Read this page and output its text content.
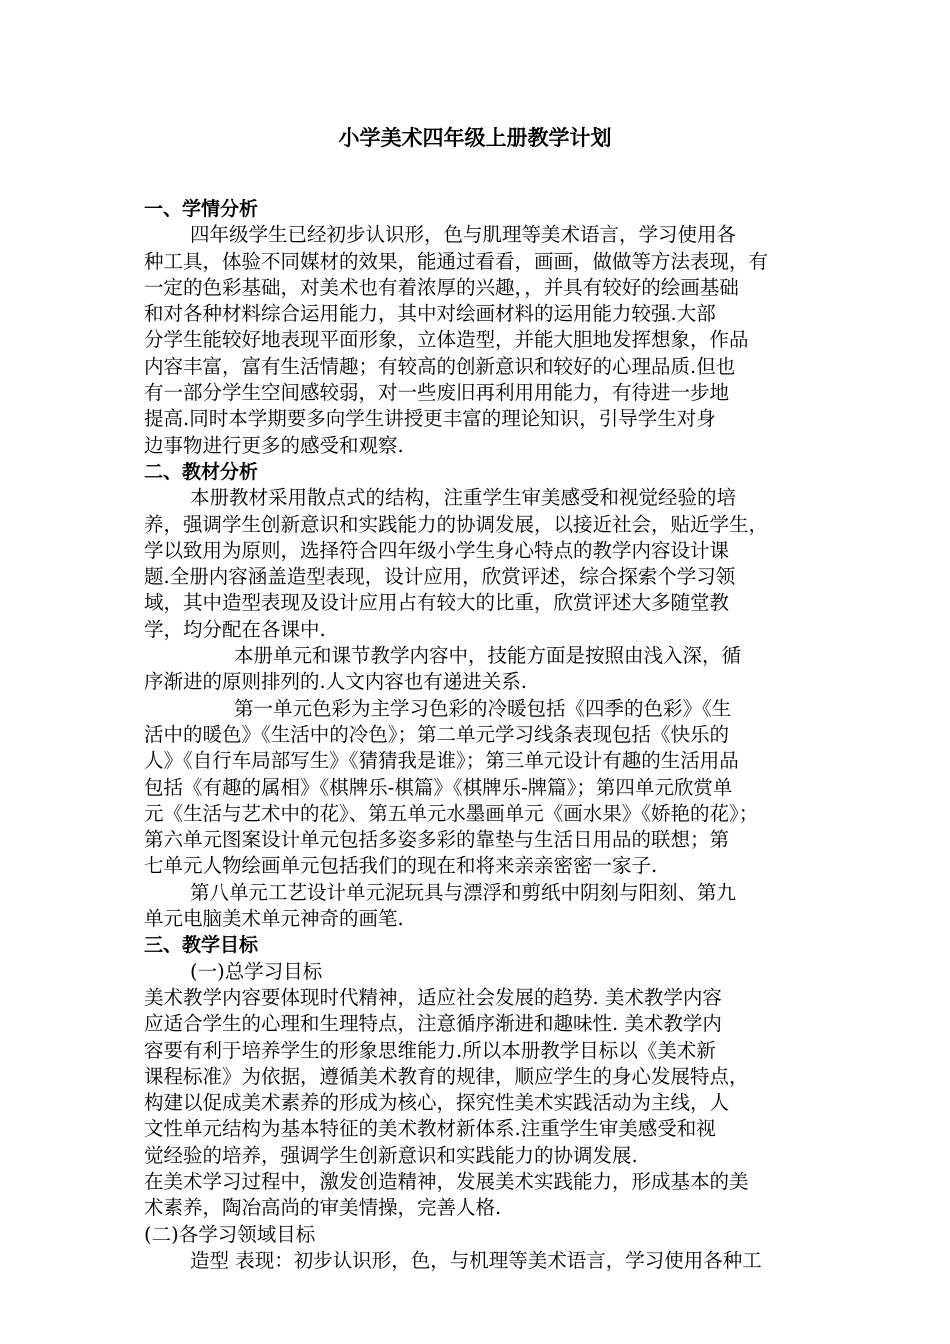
小学美术四年级上册教学计划
一、学情分析
四年级学生已经初步认识形，色与肌理等美术语言，学习使用各
种工具，体验不同媒材的效果，能通过看看，画画，做做等方法表现，有
一定的色彩基础，对美术也有着浓厚的兴趣，，并具有较好的绘画基础
和对各种材料综合运用能力，其中对绘画材料的运用能力较强.大部
分学生能较好地表现平面形象，立体造型，并能大胆地发挥想象，作品
内容丰富，富有生活情趣；有较高的创新意识和较好的心理品质.但也
有一部分学生空间感较弱，对一些废旧再利用用能力，有待进一步地
提高.同时本学期要多向学生讲授更丰富的理论知识，引导学生对身
边事物进行更多的感受和观察.
二、教材分析
本册教材采用散点式的结构，注重学生审美感受和视觉经验的培
养，强调学生创新意识和实践能力的协调发展，以接近社会，贴近学生，
学以致用为原则，选择符合四年级小学生身心特点的教学内容设计课
题.全册内容涵盖造型表现，设计应用，欣赏评述，综合探索个学习领
域，其中造型表现及设计应用占有较大的比重，欣赏评述大多随堂教
学，均分配在各课中.
本册单元和课节教学内容中，技能方面是按照由浅入深，循
序渐进的原则排列的.人文内容也有递进关系.
第一单元色彩为主学习色彩的冷暖包括《四季的色彩》《生
活中的暖色》《生活中的冷色》；第二单元学习线条表现包括《快乐的
人》《自行车局部写生》《猜猜我是谁》；第三单元设计有趣的生活用品
包括《有趣的属相》《棋牌乐-棋篇》《棋牌乐-牌篇》；第四单元欣赏单
元《生活与艺术中的花》、第五单元水墨画单元《画水果》《娇艳的花》；
第六单元图案设计单元包括多姿多彩的靠垫与生活日用品的联想；第
七单元人物绘画单元包括我们的现在和将来亲亲密密一家子.
第八单元工艺设计单元泥玩具与漂浮和剪纸中阴刻与阳刻、第九
单元电脑美术单元神奇的画笔.
三、教学目标
(一)总学习目标
美术教学内容要体现时代精神，适应社会发展的趋势. 美术教学内容
应适合学生的心理和生理特点，注意循序渐进和趣味性. 美术教学内
容要有利于培养学生的形象思维能力.所以本册教学目标以《美术新
课程标准》为依据，遵循美术教育的规律，顺应学生的身心发展特点，
构建以促成美术素养的形成为核心，探究性美术实践活动为主线，人
文性单元结构为基本特征的美术教材新体系.注重学生审美感受和视
觉经验的培养，强调学生创新意识和实践能力的协调发展.
在美术学习过程中，激发创造精神，发展美术实践能力，形成基本的美
术素养，陶冶高尚的审美情操，完善人格.
(二)各学习领域目标
造型 表现：初步认识形，色，与机理等美术语言，学习使用各种工
